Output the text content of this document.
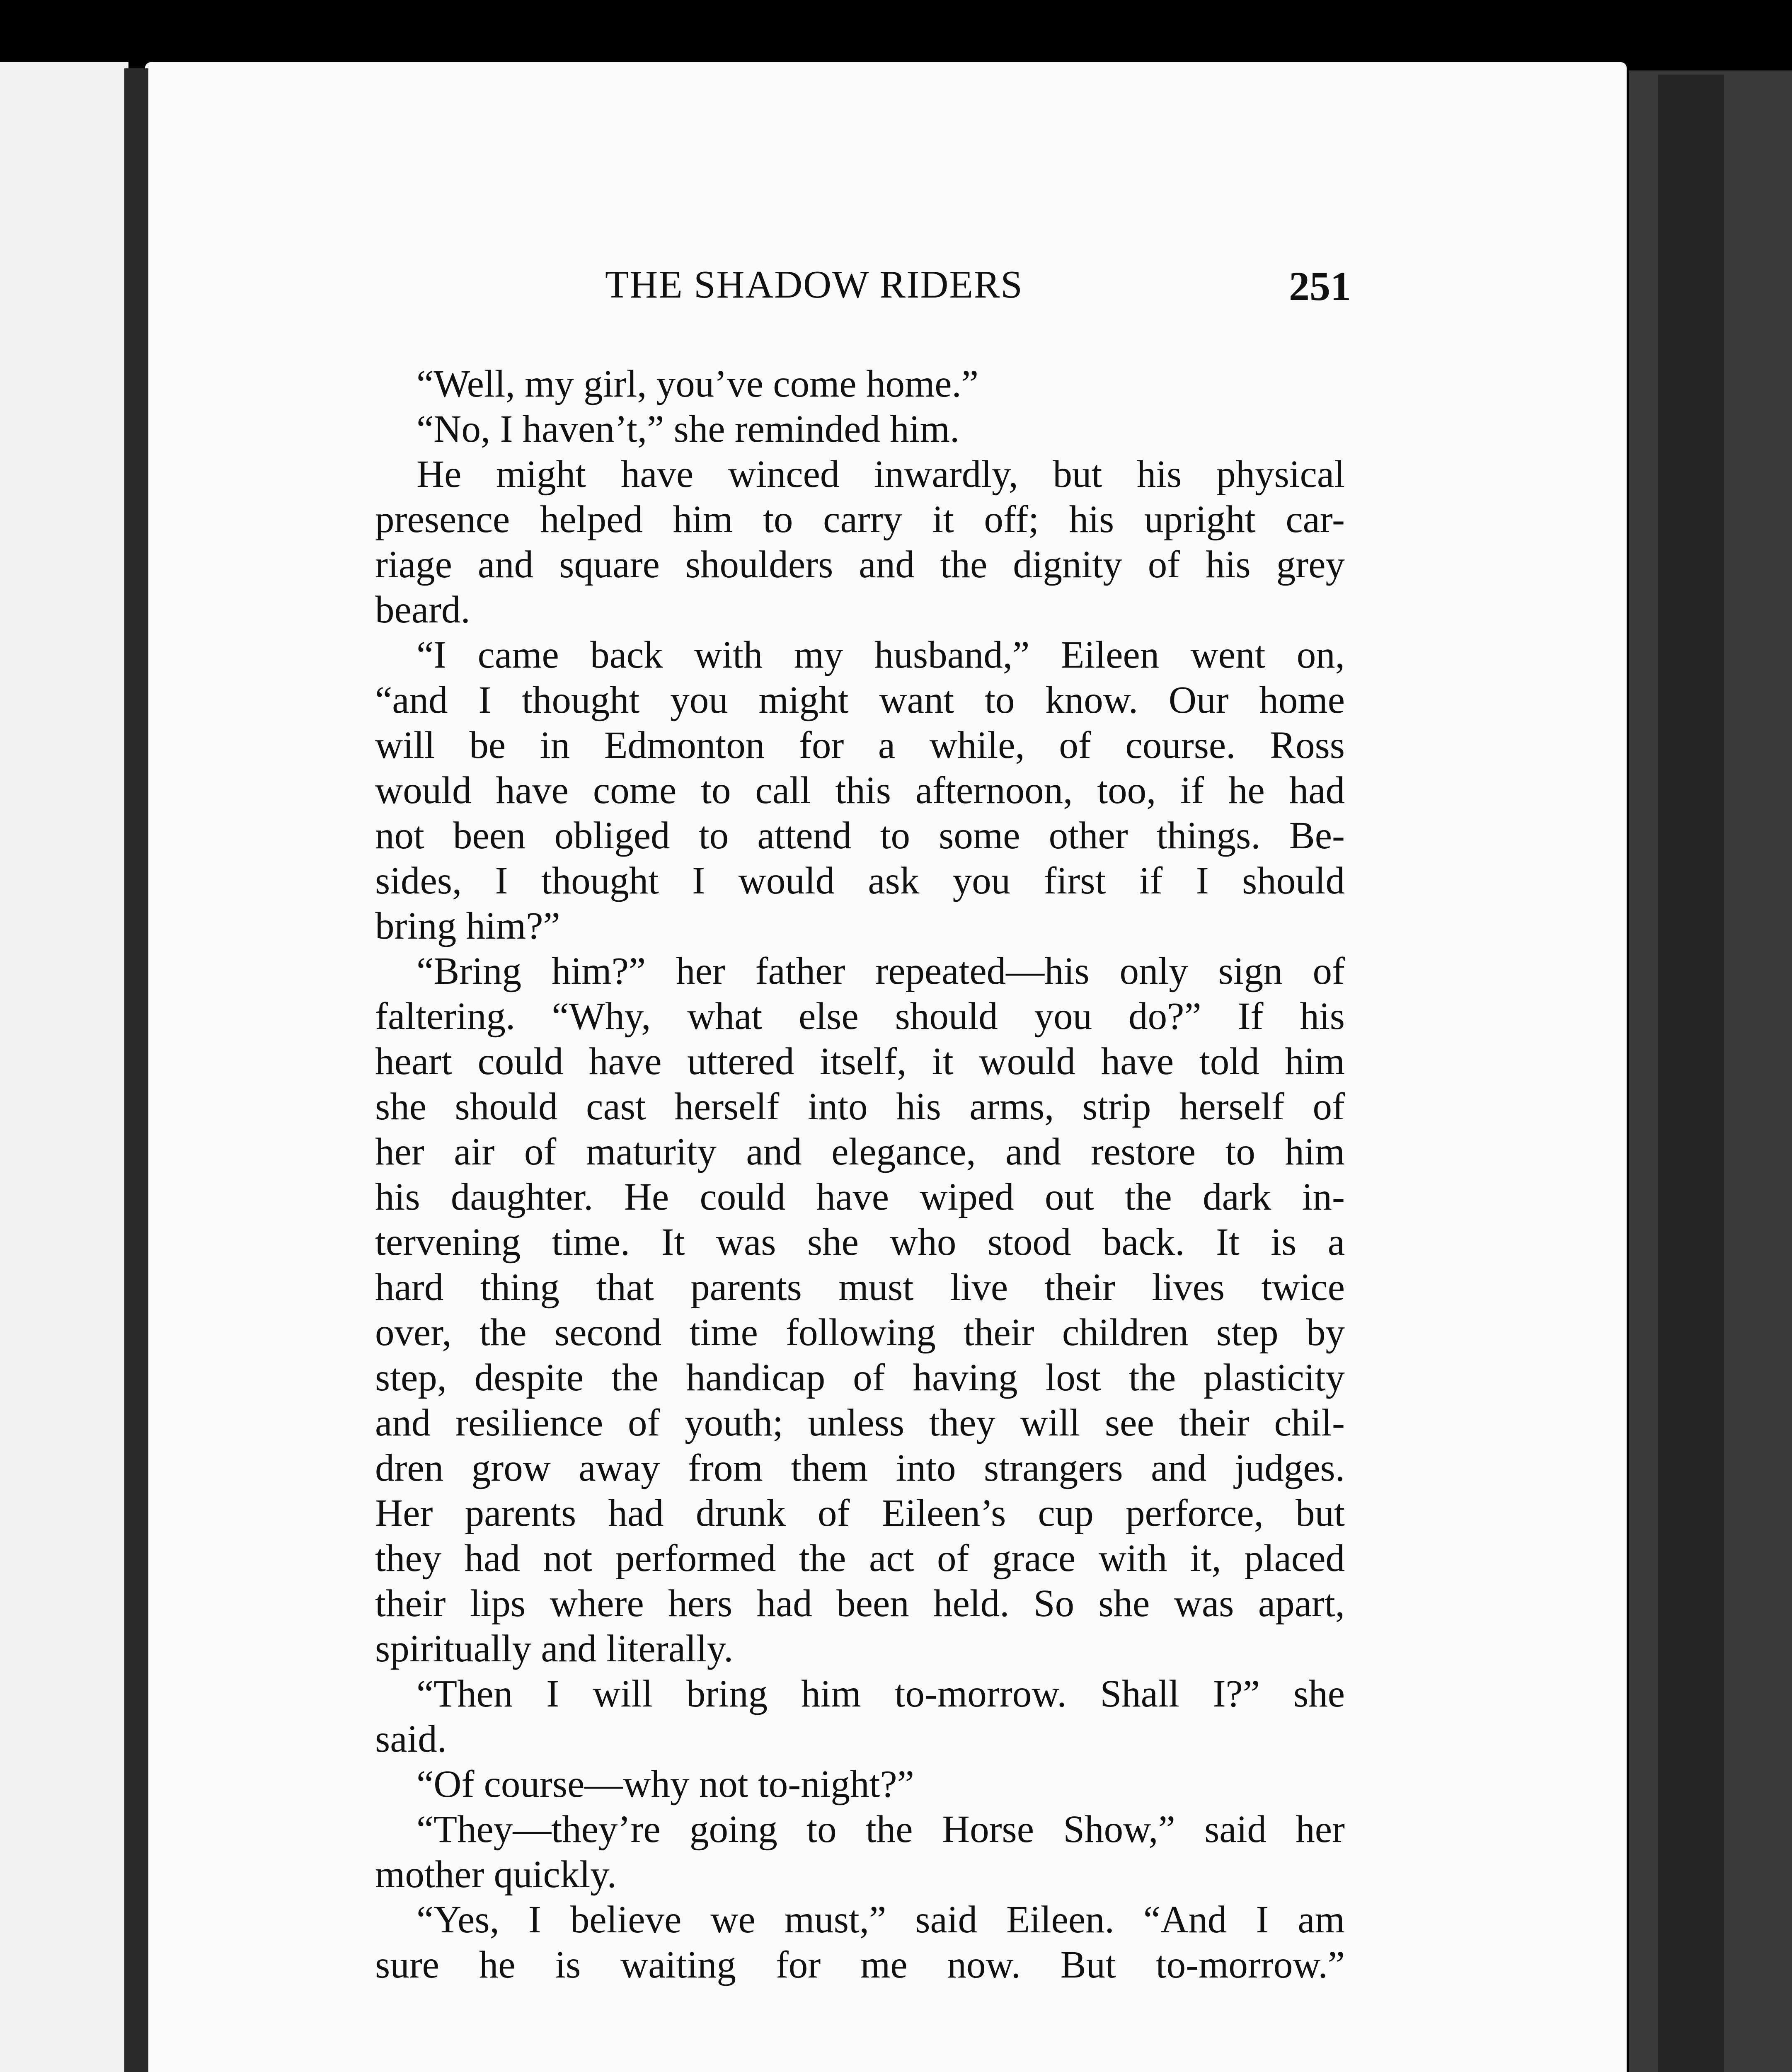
THE SHADOW RIDERS	251
“Well, my girl, you’ve come home.”
“No, I haven’t,” she reminded him.
He might have winced inwardly, but his physical
presence helped him to carry it off; his upright car-
riage and square shoulders and the dignity of his grey
beard.
“I came back with my husband,” Eileen went on,
“and I thought you might want to know. Our home
will be in Edmonton for a while, of course. Ross
would have come to call this afternoon, too, if he had
not been obliged to attend to some other things. Be-
sides, I thought I would ask you first if I should
bring him?”
“Bring him?” her father repeated—his only sign of
faltering. “Why, what else should you do?” If his
heart could have uttered itself, it would have told him
she should cast herself into his arms, strip herself of
her air of maturity and elegance, and restore to him
his daughter. He could have wiped out the dark in-
tervening time. It was she who stood back. It is a
hard thing that parents must live their lives twice
over, the second time following their children step by
step, despite the handicap of having lost the plasticity
and resilience of youth; unless they will see their chil-
dren grow away from them into strangers and judges.
Her parents had drunk of Eileen’s cup perforce, but
they had not performed the act of grace with it, placed
their lips where hers had been held. So she was apart,
spiritually and literally.
“Then I will bring him to-morrow. Shall I?” she
said.
“Of course—why not to-night?”
“They—they’re going to the Horse Show,” said her
mother quickly.
“Yes, I believe we must,” said Eileen. “And I am
sure he is waiting for me now. But to-morrow.”
